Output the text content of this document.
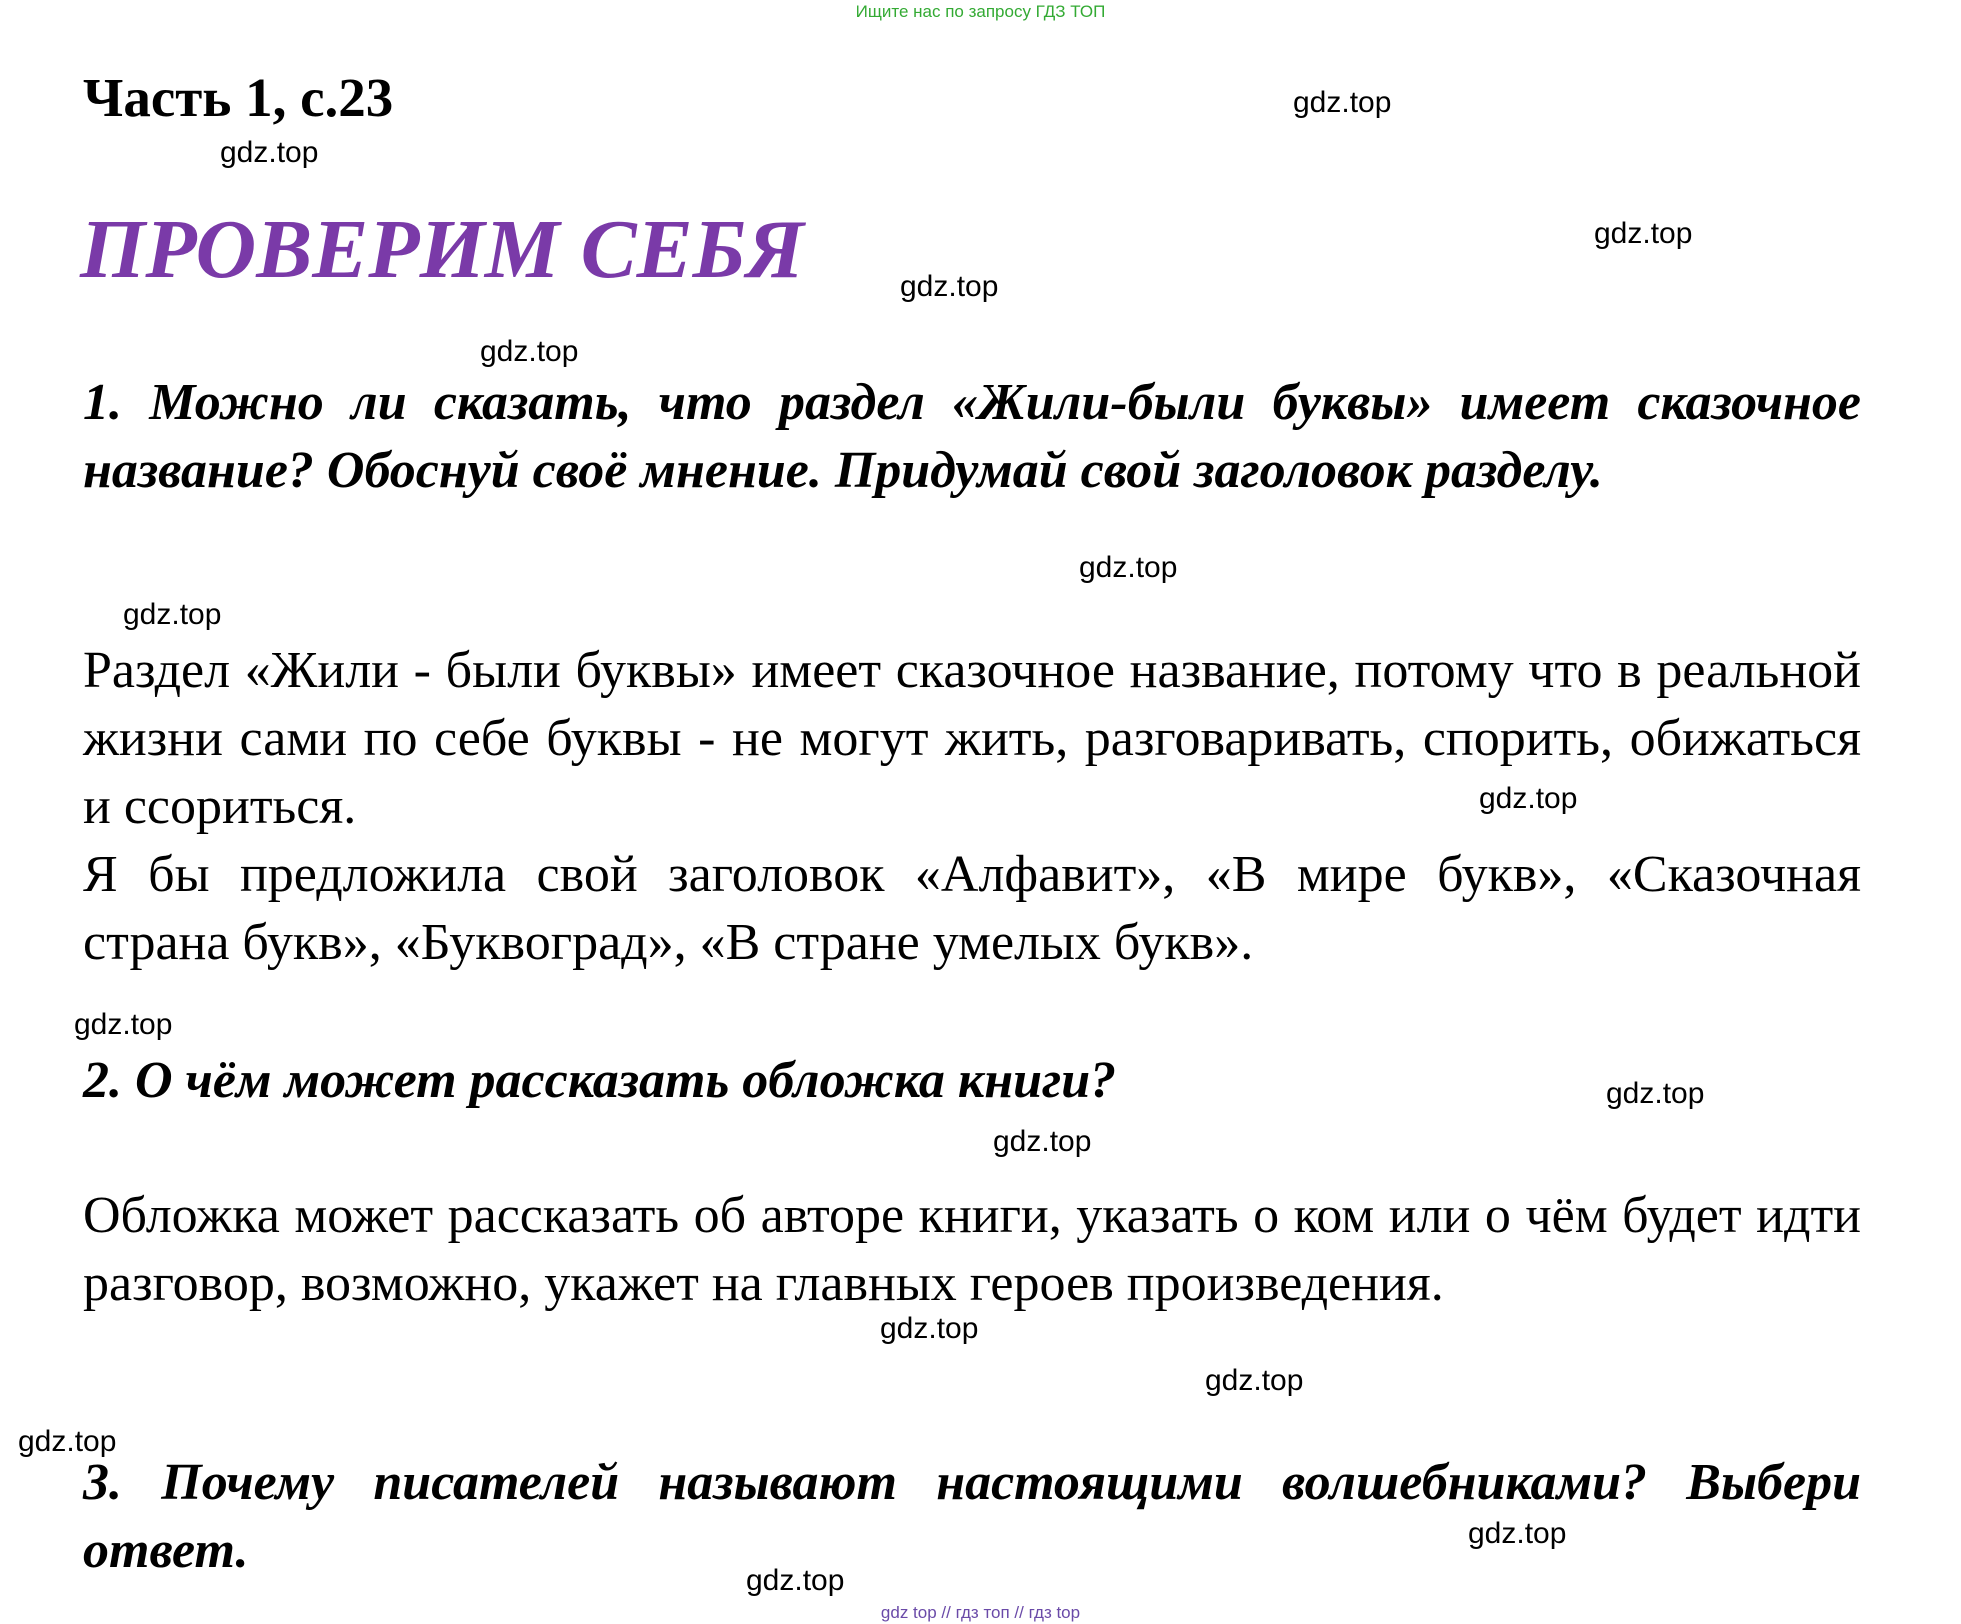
Ищите нас по запросу ГДЗ ТОП
Часть 1, с.23
ПРОВЕРИМ СЕБЯ
1. Можно ли сказать, что раздел «Жили-были буквы» имеет сказочное название? Обоснуй своё мнение. Придумай свой заголовок разделу.

Раздел «Жили - были буквы» имеет сказочное название, потому что в реальной жизни сами по себе буквы - не могут жить, разговаривать, спорить, обижаться и ссориться.

Я бы предложила свой заголовок «Алфавит», «В мире букв», «Сказочная страна букв», «Буквоград», «В стране умелых букв».

2. О чём может рассказать обложка книги?

Обложка может рассказать об авторе книги, указать о ком или о чём будет идти разговор, возможно, укажет на главных героев произведения.

3. Почему писателей называют настоящими волшебниками? Выбери ответ.
gdz.top
gdz.top
gdz.top
gdz.top
gdz.top
gdz.top
gdz.top
gdz.top
gdz.top
gdz.top
gdz.top
gdz.top
gdz.top
gdz.top
gdz.top
gdz.top
gdz top // гдз топ // гдз top
